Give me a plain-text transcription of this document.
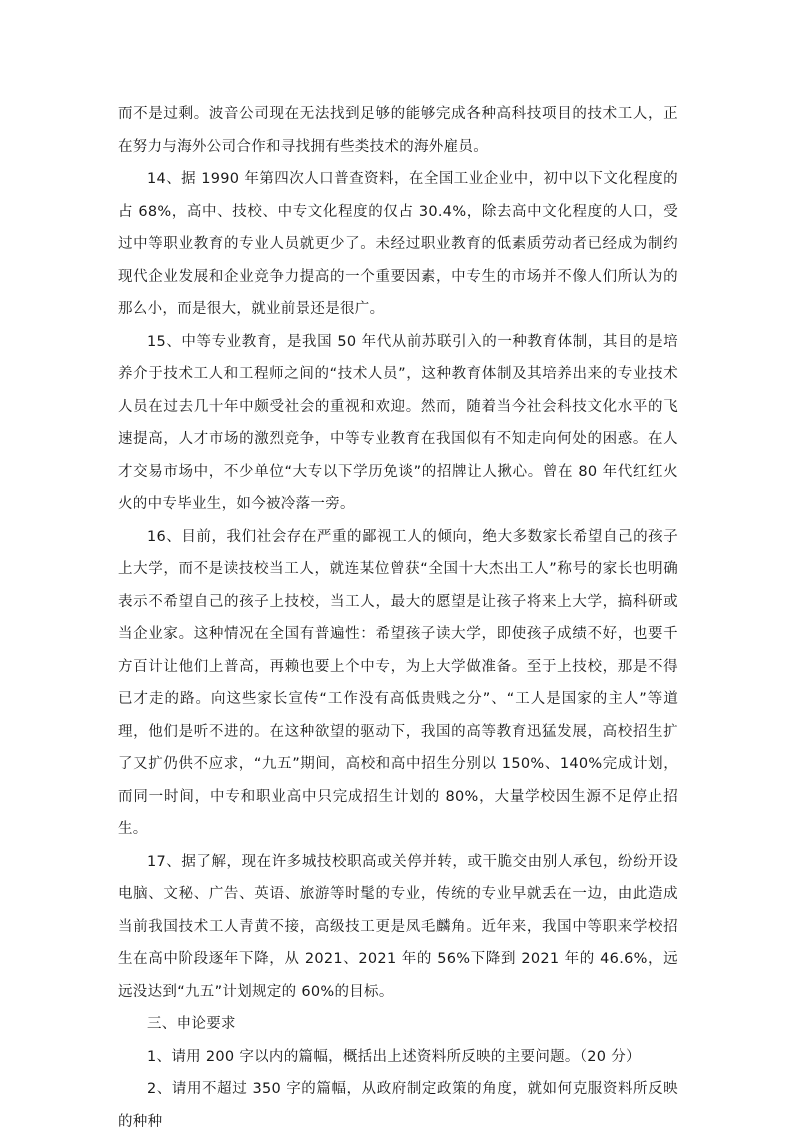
而不是过剩。波音公司现在无法找到足够的能够完成各种高科技项目的技术工人，正在努力与海外公司合作和寻找拥有些类技术的海外雇员。

14、据 1990 年第四次人口普查资料，在全国工业企业中，初中以下文化程度的占 68%，高中、技校、中专文化程度的仅占 30.4%，除去高中文化程度的人口，受过中等职业教育的专业人员就更少了。未经过职业教育的低素质劳动者已经成为制约现代企业发展和企业竞争力提高的一个重要因素，中专生的市场并不像人们所认为的那么小，而是很大，就业前景还是很广。

15、中等专业教育，是我国 50 年代从前苏联引入的一种教育体制，其目的是培养介于技术工人和工程师之间的“技术人员”，这种教育体制及其培养出来的专业技术人员在过去几十年中颇受社会的重视和欢迎。然而，随着当今社会科技文化水平的飞速提高，人才市场的激烈竞争，中等专业教育在我国似有不知走向何处的困惑。在人才交易市场中，不少单位“大专以下学历免谈”的招牌让人揪心。曾在 80 年代红红火火的中专毕业生，如今被冷落一旁。

16、目前，我们社会存在严重的鄙视工人的倾向，绝大多数家长希望自己的孩子上大学，而不是读技校当工人，就连某位曾获“全国十大杰出工人”称号的家长也明确表示不希望自己的孩子上技校，当工人，最大的愿望是让孩子将来上大学，搞科研或当企业家。这种情况在全国有普遍性：希望孩子读大学，即使孩子成绩不好，也要千方百计让他们上普高，再赖也要上个中专，为上大学做准备。至于上技校，那是不得已才走的路。向这些家长宣传“工作没有高低贵贱之分”、“工人是国家的主人”等道理，他们是听不进的。在这种欲望的驱动下，我国的高等教育迅猛发展，高校招生扩了又扩仍供不应求，“九五”期间，高校和高中招生分别以 150%、140%完成计划，而同一时间，中专和职业高中只完成招生计划的 80%，大量学校因生源不足停止招生。

17、据了解，现在许多城技校职高或关停并转，或干脆交由别人承包，纷纷开设电脑、文秘、广告、英语、旅游等时髦的专业，传统的专业早就丢在一边，由此造成当前我国技术工人青黄不接，高级技工更是凤毛麟角。近年来，我国中等职来学校招生在高中阶段逐年下降，从 2021、2021 年的 56%下降到 2021 年的 46.6%，远远没达到“九五”计划规定的 60%的目标。

三、申论要求

1、请用 200 字以内的篇幅，概括出上述资料所反映的主要问题。（20 分）

2、请用不超过 350 字的篇幅，从政府制定政策的角度，就如何克服资料所反映的种种
